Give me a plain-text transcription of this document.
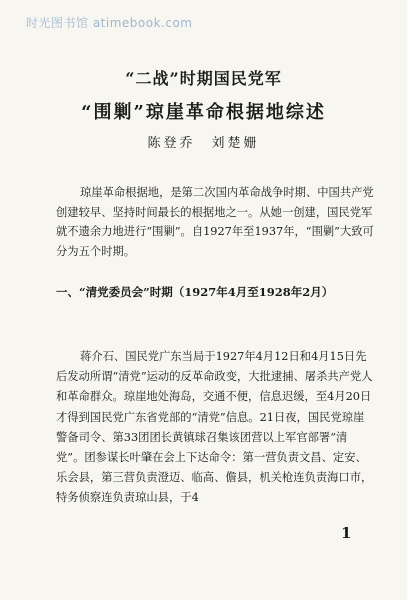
时光图书馆 atimebook.com
“二战”时期国民党军
“围剿”琼崖革命根据地综述
陈登乔　刘楚姗

琼崖革命根据地，是第二次国内革命战争时期、中国共产党创建较早、坚持时间最长的根据地之一。从她一创建，国民党军就不遗余力地进行“围剿”。自1927年至1937年，“围剿”大致可分为五个时期。

一、“清党委员会”时期（1927年4月至1928年2月）

蒋介石、国民党广东当局于1927年4月12日和4月15日先后发动所谓“清党”运动的反革命政变，大批逮捕、屠杀共产党人和革命群众。琼崖地处海岛，交通不便，信息迟缓，至4月20日才得到国民党广东省党部的“清党”信息。21日夜，国民党琼崖警备司令、第33团团长黄镇球召集该团营以上军官部署“清党”。团参谋长叶肇在会上下达命令：第一营负责文昌、定安、乐会县，第三营负责澄迈、临高、儋县，机关枪连负责海口市，特务侦察连负责琼山县，于4

1
